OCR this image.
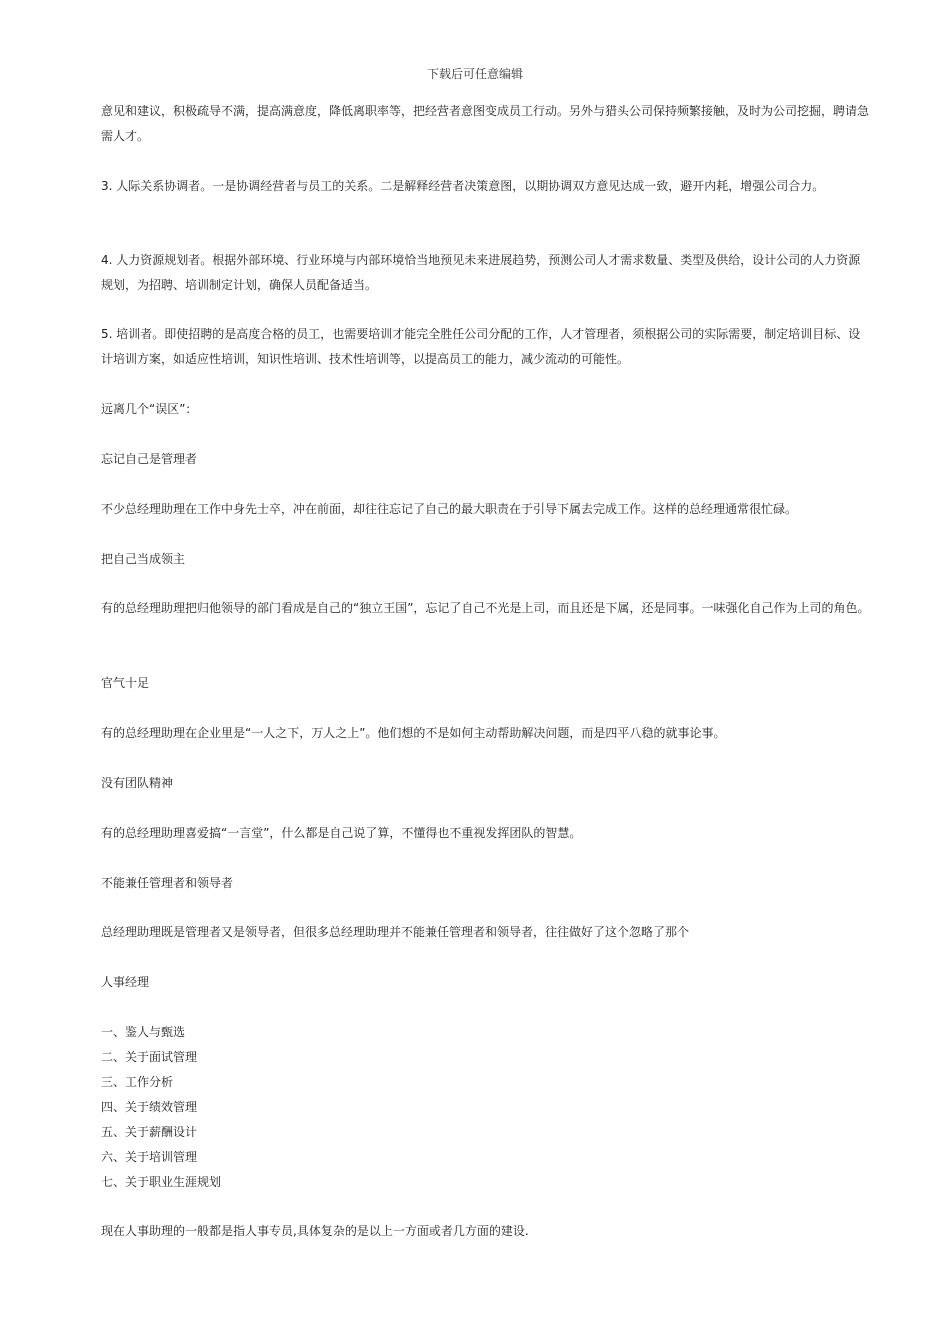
下载后可任意编辑

意见和建议，积极疏导不满，提高满意度，降低离职率等，把经营者意图变成员工行动。另外与猎头公司保持频繁接触，及时为公司挖掘，聘请急需人才。

3. 人际关系协调者。一是协调经营者与员工的关系。二是解释经营者决策意图，以期协调双方意见达成一致，避开内耗，增强公司合力。

4. 人力资源规划者。根据外部环境、行业环境与内部环境恰当地预见未来进展趋势，预测公司人才需求数量、类型及供给，设计公司的人力资源规划，为招聘、培训制定计划，确保人员配备适当。

5. 培训者。即使招聘的是高度合格的员工，也需要培训才能完全胜任公司分配的工作，人才管理者，须根据公司的实际需要，制定培训目标、设计培训方案，如适应性培训，知识性培训、技术性培训等，以提高员工的能力，减少流动的可能性。

远离几个“误区”：

忘记自己是管理者

不少总经理助理在工作中身先士卒，冲在前面，却往往忘记了自己的最大职责在于引导下属去完成工作。这样的总经理通常很忙碌。

把自己当成领主

有的总经理助理把归他领导的部门看成是自己的“独立王国”，忘记了自己不光是上司，而且还是下属，还是同事。一味强化自己作为上司的角色。

官气十足

有的总经理助理在企业里是“一人之下，万人之上”。他们想的不是如何主动帮助解决问题，而是四平八稳的就事论事。

没有团队精神

有的总经理助理喜爱搞“一言堂”，什么都是自己说了算，不懂得也不重视发挥团队的智慧。

不能兼任管理者和领导者

总经理助理既是管理者又是领导者，但很多总经理助理并不能兼任管理者和领导者，往往做好了这个忽略了那个

人事经理

一、鉴人与甄选
二、关于面试管理
三、工作分析
四、关于绩效管理
五、关于薪酬设计
六、关于培训管理
七、关于职业生涯规划

现在人事助理的一般都是指人事专员,具体复杂的是以上一方面或者几方面的建设.
